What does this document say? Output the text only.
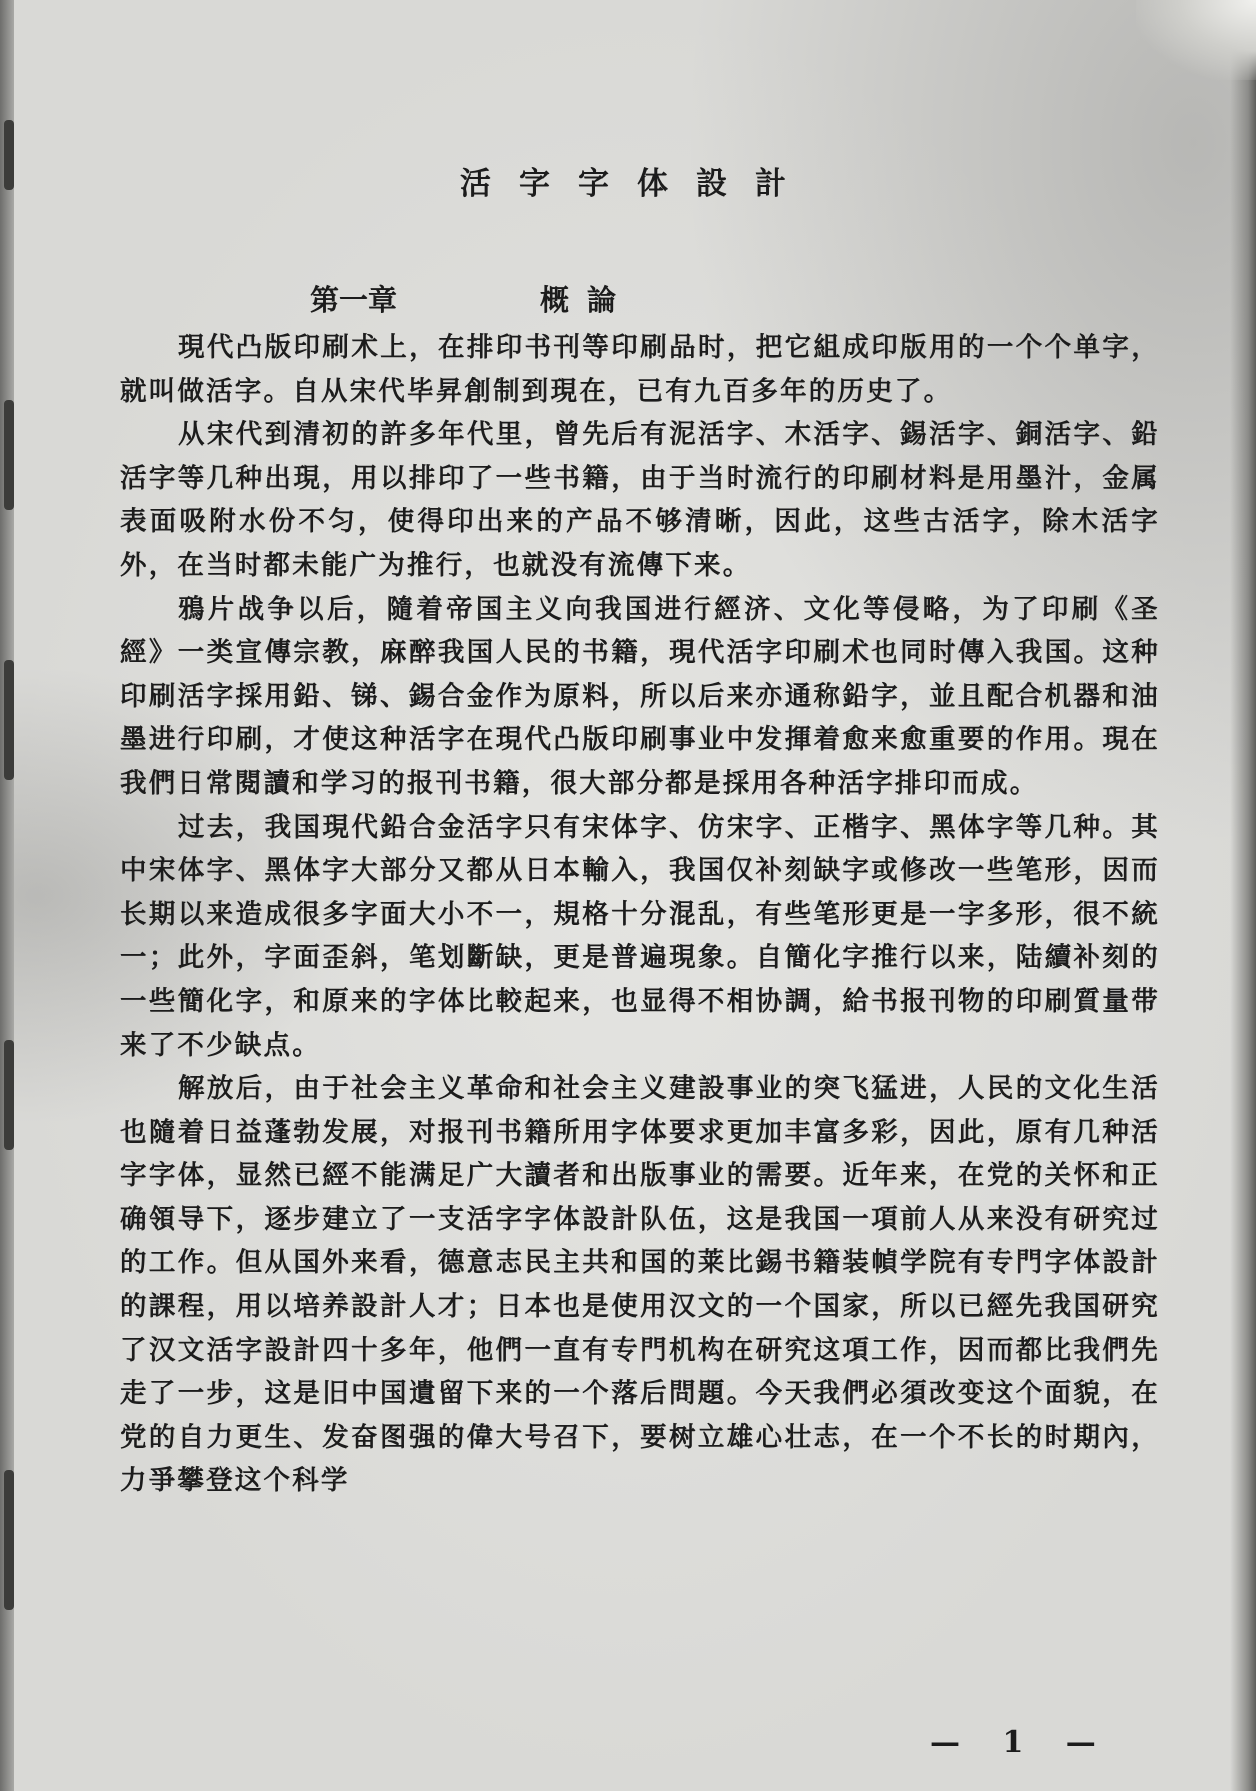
活字字体設計
第一章	概論

現代凸版印刷术上，在排印书刊等印刷品时，把它組成印版用的一个个单字，就叫做活字。自从宋代毕昇創制到現在，已有九百多年的历史了。

从宋代到清初的許多年代里，曾先后有泥活字、木活字、錫活字、銅活字、鉛活字等几种出現，用以排印了一些书籍，由于当时流行的印刷材料是用墨汁，金属表面吸附水份不匀，使得印出来的产品不够清晰，因此，这些古活字，除木活字外，在当时都未能广为推行，也就没有流傳下来。

鴉片战争以后，隨着帝国主义向我国进行經济、文化等侵略，为了印刷《圣經》一类宣傳宗教，麻醉我国人民的书籍，現代活字印刷术也同时傳入我国。这种印刷活字採用鉛、锑、錫合金作为原料，所以后来亦通称鉛字，並且配合机器和油墨进行印刷，才使这种活字在現代凸版印刷事业中发揮着愈来愈重要的作用。現在我們日常閱讀和学习的报刊书籍，很大部分都是採用各种活字排印而成。

过去，我国現代鉛合金活字只有宋体字、仿宋字、正楷字、黑体字等几种。其中宋体字、黑体字大部分又都从日本輸入，我国仅补刻缺字或修改一些笔形，因而长期以来造成很多字面大小不一，規格十分混乱，有些笔形更是一字多形，很不統一；此外，字面歪斜，笔划斷缺，更是普遍現象。自簡化字推行以来，陆續补刻的一些簡化字，和原来的字体比較起来，也显得不相协調，給书报刊物的印刷質量带来了不少缺点。

解放后，由于社会主义革命和社会主义建設事业的突飞猛进，人民的文化生活也隨着日益蓬勃发展，对报刊书籍所用字体要求更加丰富多彩，因此，原有几种活字字体，显然已經不能满足广大讀者和出版事业的需要。近年来，在党的关怀和正确領导下，逐步建立了一支活字字体設計队伍，这是我国一項前人从来没有研究过的工作。但从国外来看，德意志民主共和国的莱比錫书籍装幀学院有专門字体設計的課程，用以培养設計人才；日本也是使用汉文的一个国家，所以已經先我国研究了汉文活字設計四十多年，他們一直有专門机构在研究这項工作，因而都比我們先走了一步，这是旧中国遺留下来的一个落后問題。今天我們必須改变这个面貌，在党的自力更生、发奋图强的偉大号召下，要树立雄心壮志，在一个不长的时期內，力爭攀登这个科学

— 1 —
